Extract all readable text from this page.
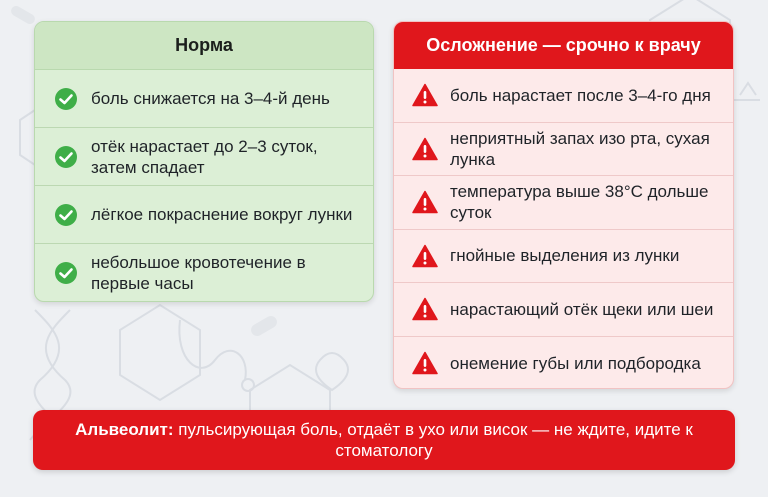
Норма
боль снижается на 3–4-й день
отёк нарастает до 2–3 суток, затем спадает
лёгкое покраснение вокруг лунки
небольшое кровотечение в первые часы
Осложнение — срочно к врачу
боль нарастает после 3–4-го дня
неприятный запах изо рта, сухая лунка
температура выше 38°C дольше суток
гнойные выделения из лунки
нарастающий отёк щеки или шеи
онемение губы или подбородка

Альвеолит: пульсирующая боль, отдаёт в ухо или висок — не ждите, идите к стоматологу
